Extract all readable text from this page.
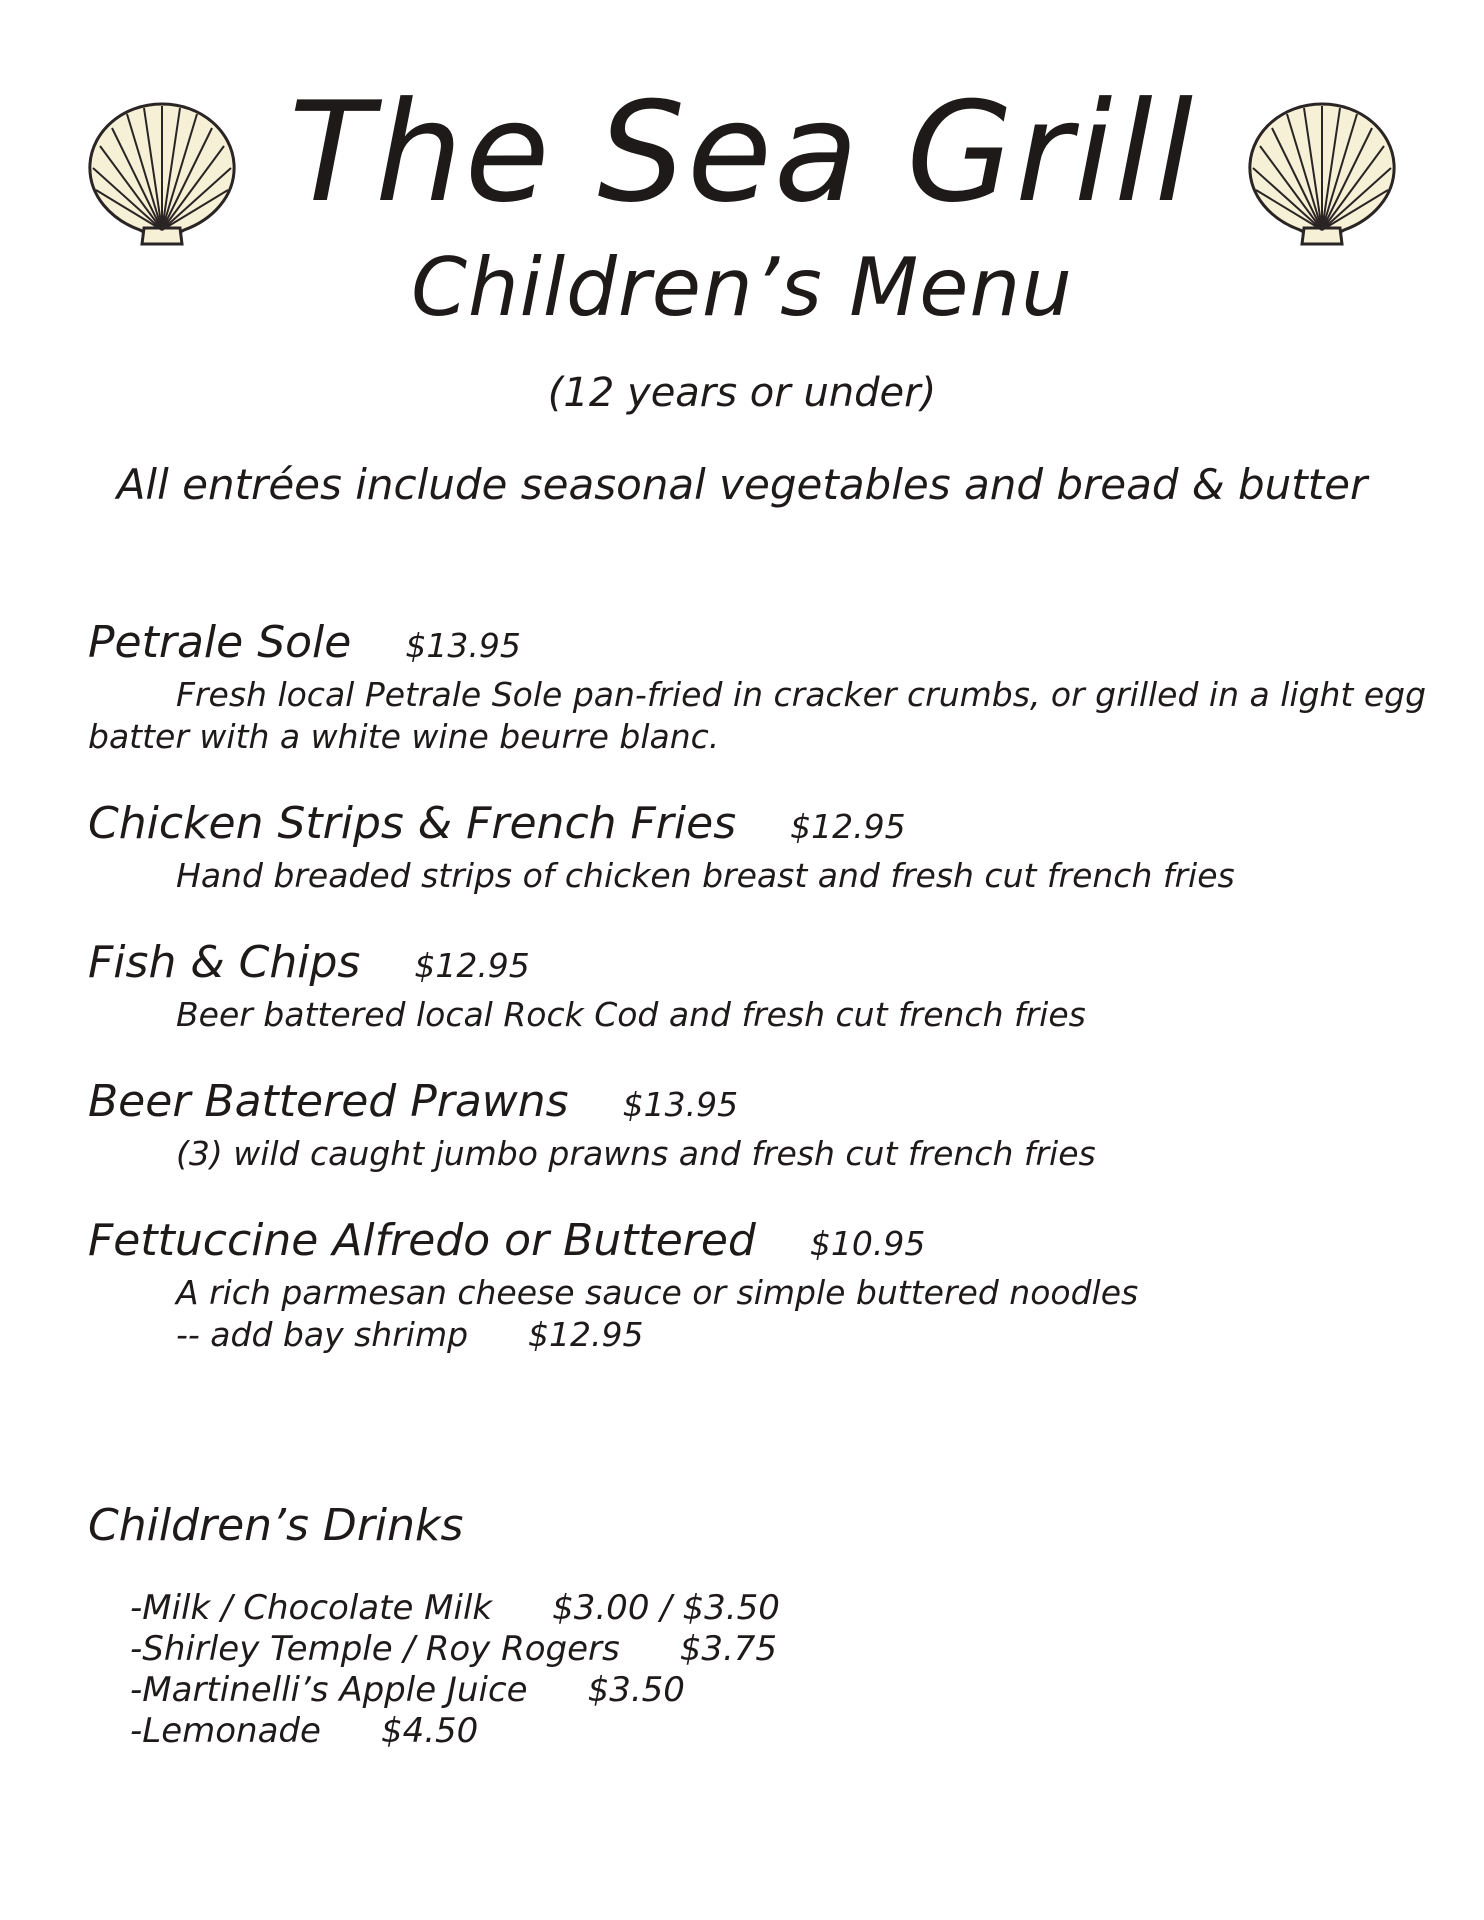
The Sea Grill
Children’s Menu
(12 years or under)
All entrées include seasonal vegetables and bread & butter
Petrale Sole $13.95
Fresh local Petrale Sole pan-fried in cracker crumbs, or grilled in a light egg batter with a white wine beurre blanc.
Chicken Strips & French Fries $12.95
Hand breaded strips of chicken breast and fresh cut french fries
Fish & Chips $12.95
Beer battered local Rock Cod and fresh cut french fries
Beer Battered Prawns $13.95
(3) wild caught jumbo prawns and fresh cut french fries
Fettuccine Alfredo or Buttered $10.95
A rich parmesan cheese sauce or simple buttered noodles
-- add bay shrimp $12.95
Children’s Drinks
-Milk / Chocolate Milk $3.00 / $3.50
-Shirley Temple / Roy Rogers $3.75
-Martinelli’s Apple Juice $3.50
-Lemonade $4.50
